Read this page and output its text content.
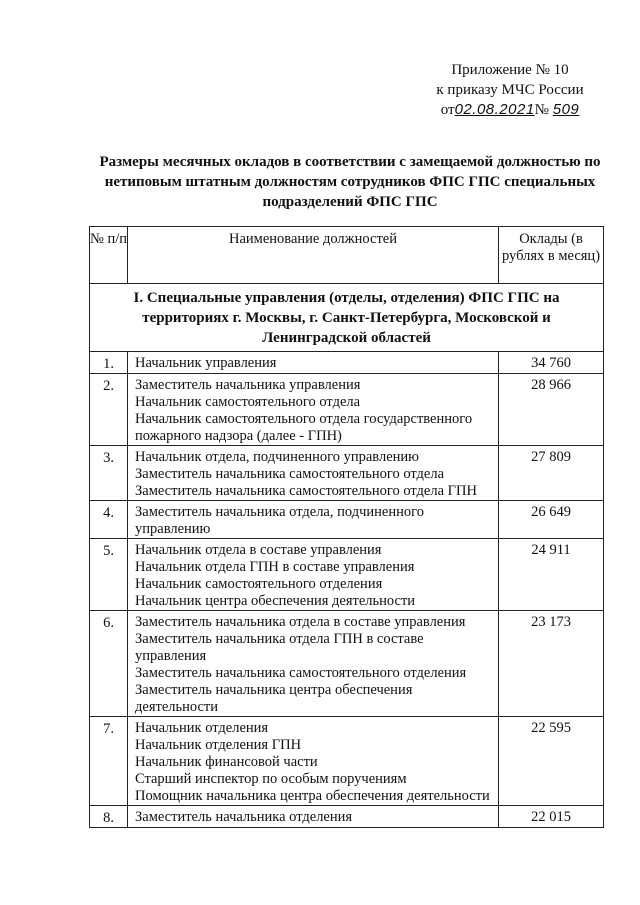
Приложение № 10
к приказу МЧС России
от02.08.2021№ 509
Размеры месячных окладов в соответствии с замещаемой должностью по нетиповым штатным должностям сотрудников ФПС ГПС специальных подразделений ФПС ГПС
№ п/п	Наименование должностей	Оклады (в рублях в месяц)
I. Специальные управления (отделы, отделения) ФПС ГПС на территориях г. Москвы, г. Санкт-Петербурга, Московской и Ленинградской областей		
1.	Начальник управления	34 760
2.	Заместитель начальника управления
Начальник самостоятельного отдела
Начальник самостоятельного отдела государственного пожарного надзора (далее - ГПН)	28 966
3.	Начальник отдела, подчиненного управлению
Заместитель начальника самостоятельного отдела
Заместитель начальника самостоятельного отдела ГПН	27 809
4.	Заместитель начальника отдела, подчиненного управлению	26 649
5.	Начальник отдела в составе управления
Начальник отдела ГПН в составе управления
Начальник самостоятельного отделения
Начальник центра обеспечения деятельности	24 911
6.	Заместитель начальника отдела в составе управления
Заместитель начальника отдела ГПН в составе управления
Заместитель начальника самостоятельного отделения
Заместитель начальника центра обеспечения деятельности	23 173
7.	Начальник отделения
Начальник отделения ГПН
Начальник финансовой части
Старший инспектор по особым поручениям
Помощник начальника центра обеспечения деятельности	22 595
8.	Заместитель начальника отделения	22 015
